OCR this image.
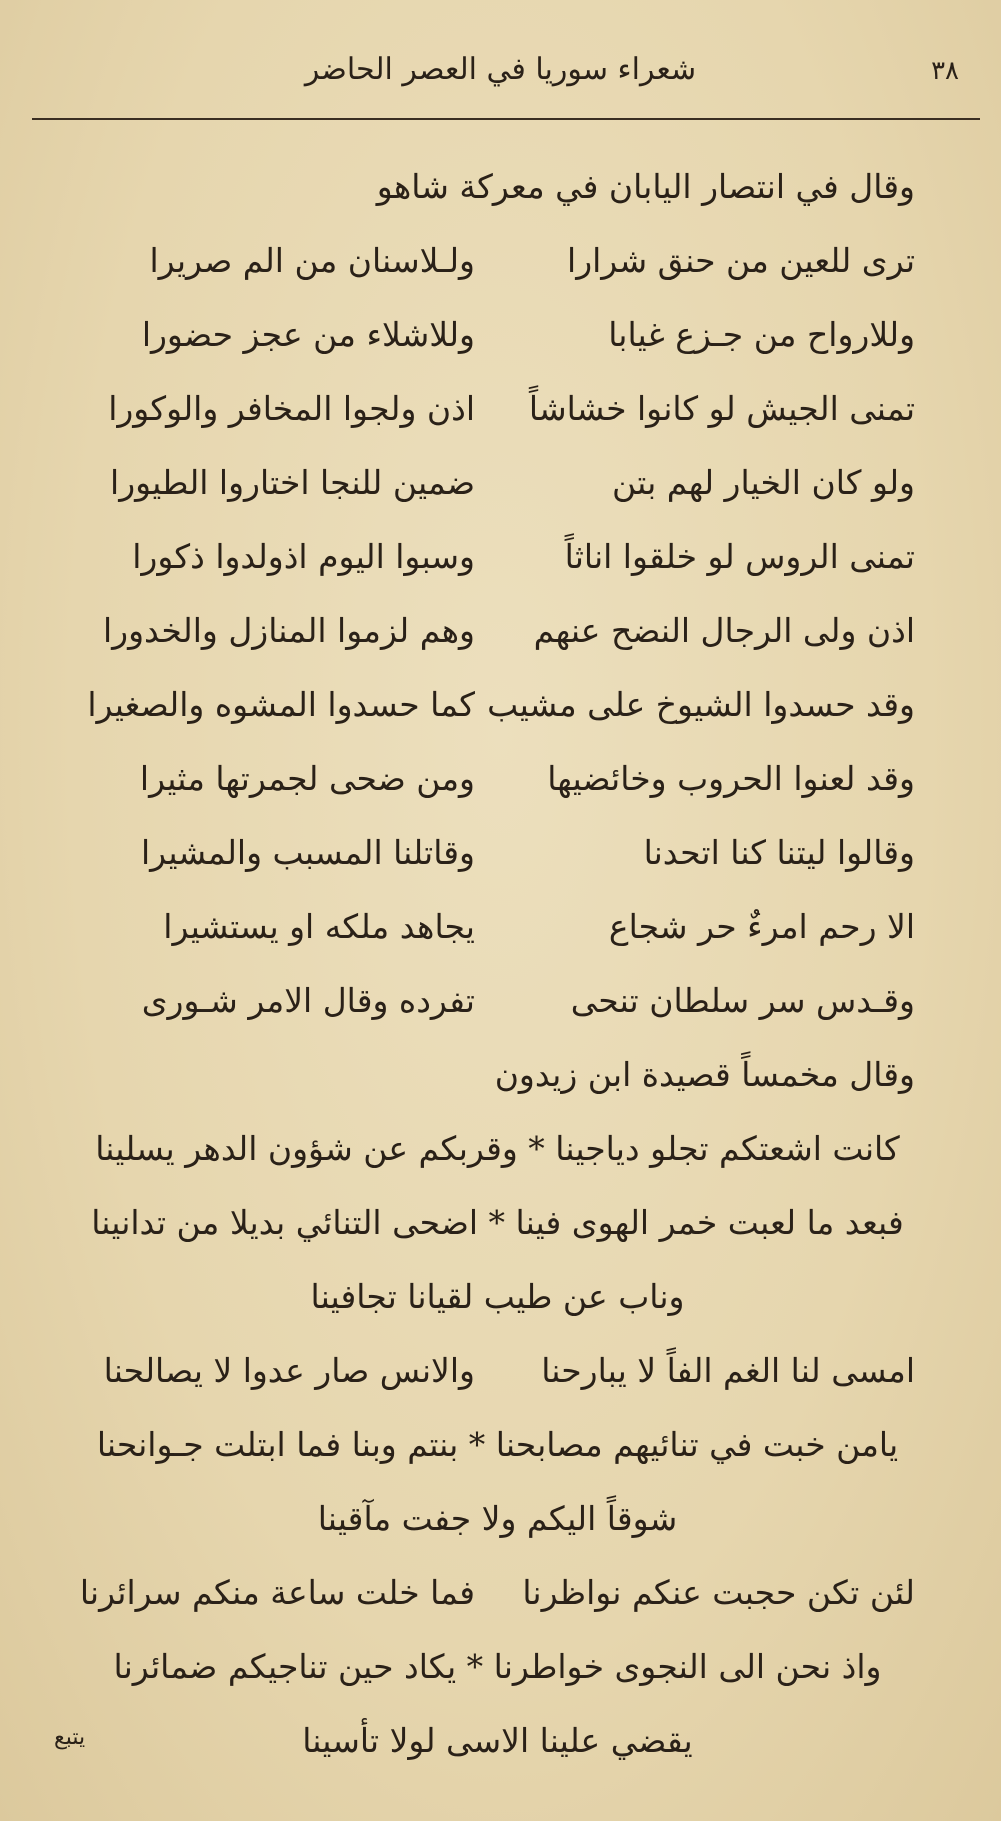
٣٨
شعراء سوريا في العصر الحاضر
وقال في انتصار اليابان في معركة شاهو
ترى للعين من حنق شرارا
ولـلاسنان من الم صريرا
وللارواح من جـزع غيابا
وللاشلاء من عجز حضورا
تمنى الجيش لو كانوا خشاشاً
اذن ولجوا المخافر والوكورا
ولو كان الخيار لهم بتن
ضمين للنجا اختاروا الطيورا
تمنى الروس لو خلقوا اناثاً
وسبوا اليوم اذولدوا ذكورا
اذن ولى الرجال النضح عنهم
وهم لزموا المنازل والخدورا
وقد حسدوا الشيوخ على مشيب
كما حسدوا المشوه والصغيرا
وقد لعنوا الحروب وخائضيها
ومن ضحى لجمرتها مثيرا
وقالوا ليتنا كنا اتحدنا
وقاتلنا المسبب والمشيرا
الا رحم امرءٌ حر شجاع
يجاهد ملكه او يستشيرا
وقـدس سر سلطان تنحى
تفرده وقال الامر شـورى
وقال مخمساً قصيدة ابن زيدون
كانت اشعتكم تجلو دياجينا * وقربكم عن شؤون الدهر يسلينا
فبعد ما لعبت خمر الهوى فينا * اضحى التنائي بديلا من تدانينا
وناب عن طيب لقيانا تجافينا
امسى لنا الغم الفاً لا يبارحنا
والانس صار عدوا لا يصالحنا
يامن خبت في تنائيهم مصابحنا * بنتم وبنا فما ابتلت جـوانحنا
شوقاً اليكم ولا جفت مآقينا
لئن تكن حجبت عنكم نواظرنا
فما خلت ساعة منكم سرائرنا
واذ نحن الى النجوى خواطرنا * يكاد حين تناجيكم ضمائرنا
يقضي علينا الاسى لولا تأسينا
يتبع
